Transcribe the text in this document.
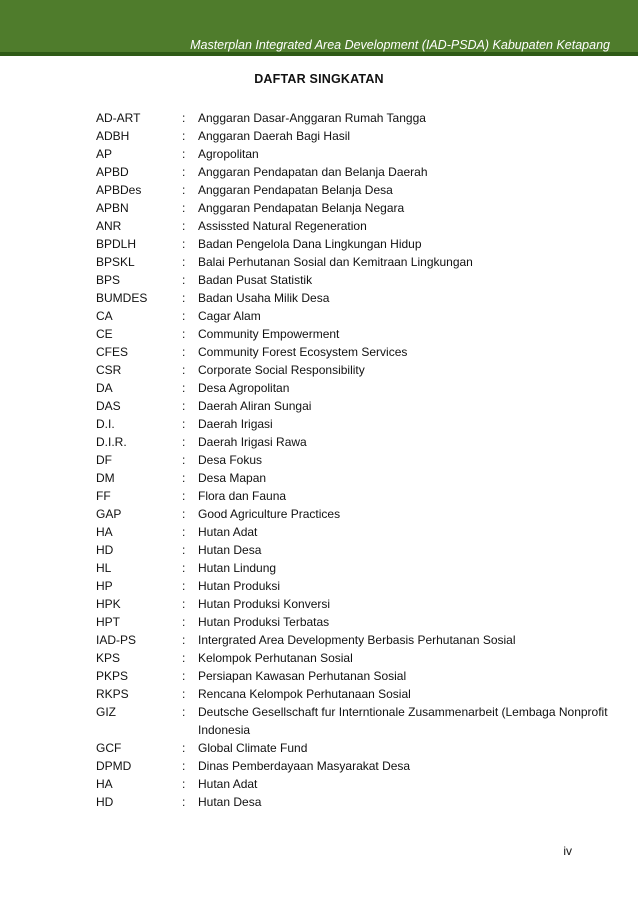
Masterplan Integrated Area Development (IAD-PSDA) Kabupaten Ketapang
DAFTAR SINGKATAN
AD-ART	: Anggaran Dasar-Anggaran Rumah Tangga
ADBH	: Anggaran Daerah Bagi Hasil
AP	: Agropolitan
APBD	: Anggaran Pendapatan dan Belanja Daerah
APBDes	: Anggaran Pendapatan Belanja Desa
APBN	: Anggaran Pendapatan Belanja Negara
ANR	: Assissted Natural Regeneration
BPDLH	: Badan Pengelola Dana Lingkungan Hidup
BPSKL	: Balai Perhutanan Sosial dan Kemitraan Lingkungan
BPS	: Badan Pusat Statistik
BUMDES	: Badan Usaha Milik Desa
CA	: Cagar Alam
CE	: Community Empowerment
CFES	: Community Forest Ecosystem Services
CSR	: Corporate Social Responsibility
DA	: Desa Agropolitan
DAS	: Daerah Aliran Sungai
D.I.	: Daerah Irigasi
D.I.R.	: Daerah Irigasi Rawa
DF	: Desa Fokus
DM	: Desa Mapan
FF	: Flora dan Fauna
GAP	: Good Agriculture Practices
HA	: Hutan Adat
HD	: Hutan Desa
HL	: Hutan Lindung
HP	: Hutan Produksi
HPK	: Hutan Produksi Konversi
HPT	: Hutan Produksi Terbatas
IAD-PS	: Intergrated Area Developmenty Berbasis Perhutanan Sosial
KPS	: Kelompok Perhutanan Sosial
PKPS	: Persiapan Kawasan Perhutanan Sosial
RKPS	: Rencana Kelompok Perhutanaan Sosial
GIZ	: Deutsche Gesellschaft fur Interntionale Zusammenarbeit (Lembaga Nonprofit Indonesia
GCF	: Global Climate Fund
DPMD	: Dinas Pemberdayaan Masyarakat Desa
HA	: Hutan Adat
HD	: Hutan Desa
iv
